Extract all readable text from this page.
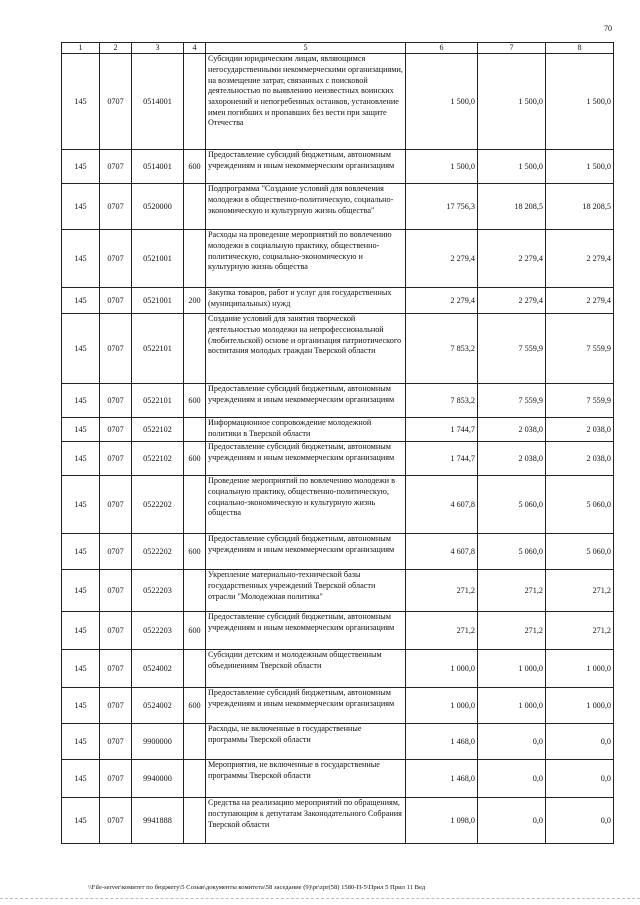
70
1	2	3	4	5	6	7	8
145	0707	0514001		Субсидии юридическим лицам, являющимся негосударственными некоммерческими организациями, на возмещение затрат, связанных с поисковой деятельностью по выявлению неизвестных воинских захоронений и непогребенных останков, установление имен погибших и пропавших без вести при защите Отечества	1 500,0	1 500,0	1 500,0
145	0707	0514001	600	Предоставление субсидий бюджетным, автономным учреждениям и иным некоммерческим организациям	1 500,0	1 500,0	1 500,0
145	0707	0520000		Подпрограмма "Создание условий для вовлечения молодежи в общественно-политическую, социально-экономическую и культурную жизнь общества"	17 756,3	18 208,5	18 208,5
145	0707	0521001		Расходы на проведение мероприятий по вовлечению молодежи в социальную практику, общественно-политическую, социально-экономическую и культурную жизнь общества	2 279,4	2 279,4	2 279,4
145	0707	0521001	200	Закупка товаров, работ и услуг для государственных (муниципальных) нужд	2 279,4	2 279,4	2 279,4
145	0707	0522101		Создание условий для занятия творческой деятельностью молодежи на непрофессиональной (любительской) основе и организация патриотического воспитания молодых граждан Тверской области	7 853,2	7 559,9	7 559,9
145	0707	0522101	600	Предоставление субсидий бюджетным, автономным учреждениям и иным некоммерческим организациям	7 853,2	7 559,9	7 559,9
145	0707	0522102		Информационное сопровождение молодежной политики в Тверской области	1 744,7	2 038,0	2 038,0
145	0707	0522102	600	Предоставление субсидий бюджетным, автономным учреждениям и иным некоммерческим организациям	1 744,7	2 038,0	2 038,0
145	0707	0522202		Проведение мероприятий по вовлечению молодежи в социальную практику, общественно-политическую, социально-экономическую и культурную жизнь общества	4 607,8	5 060,0	5 060,0
145	0707	0522202	600	Предоставление субсидий бюджетным, автономным учреждениям и иным некоммерческим организациям	4 607,8	5 060,0	5 060,0
145	0707	0522203		Укрепление материально-технической базы государственных учреждений Тверской области отрасли "Молодежная политика"	271,2	271,2	271,2
145	0707	0522203	600	Предоставление субсидий бюджетным, автономным учреждениям и иным некоммерческим организациям	271,2	271,2	271,2
145	0707	0524002		Субсидии детским и молодежным общественным объединениям Тверской области	1 000,0	1 000,0	1 000,0
145	0707	0524002	600	Предоставление субсидий бюджетным, автономным учреждениям и иным некоммерческим организациям	1 000,0	1 000,0	1 000,0
145	0707	9900000		Расходы, не включенные в государственные программы Тверской области	1 468,0	0,0	0,0
145	0707	9940000		Мероприятия, не включенные в государственные программы Тверской области	1 468,0	0,0	0,0
145	0707	9941888		Средства на реализацию мероприятий по обращениям, поступающим к депутатам Законодательного Собрания Тверской области	1 098,0	0,0	0,0
\\File-server\комитет по бюджету\5 Созыв\документы комитета\58 заседание (9)\pr\zpr(58) 1580-П-5\Прил 5 Прил 11 Вед
